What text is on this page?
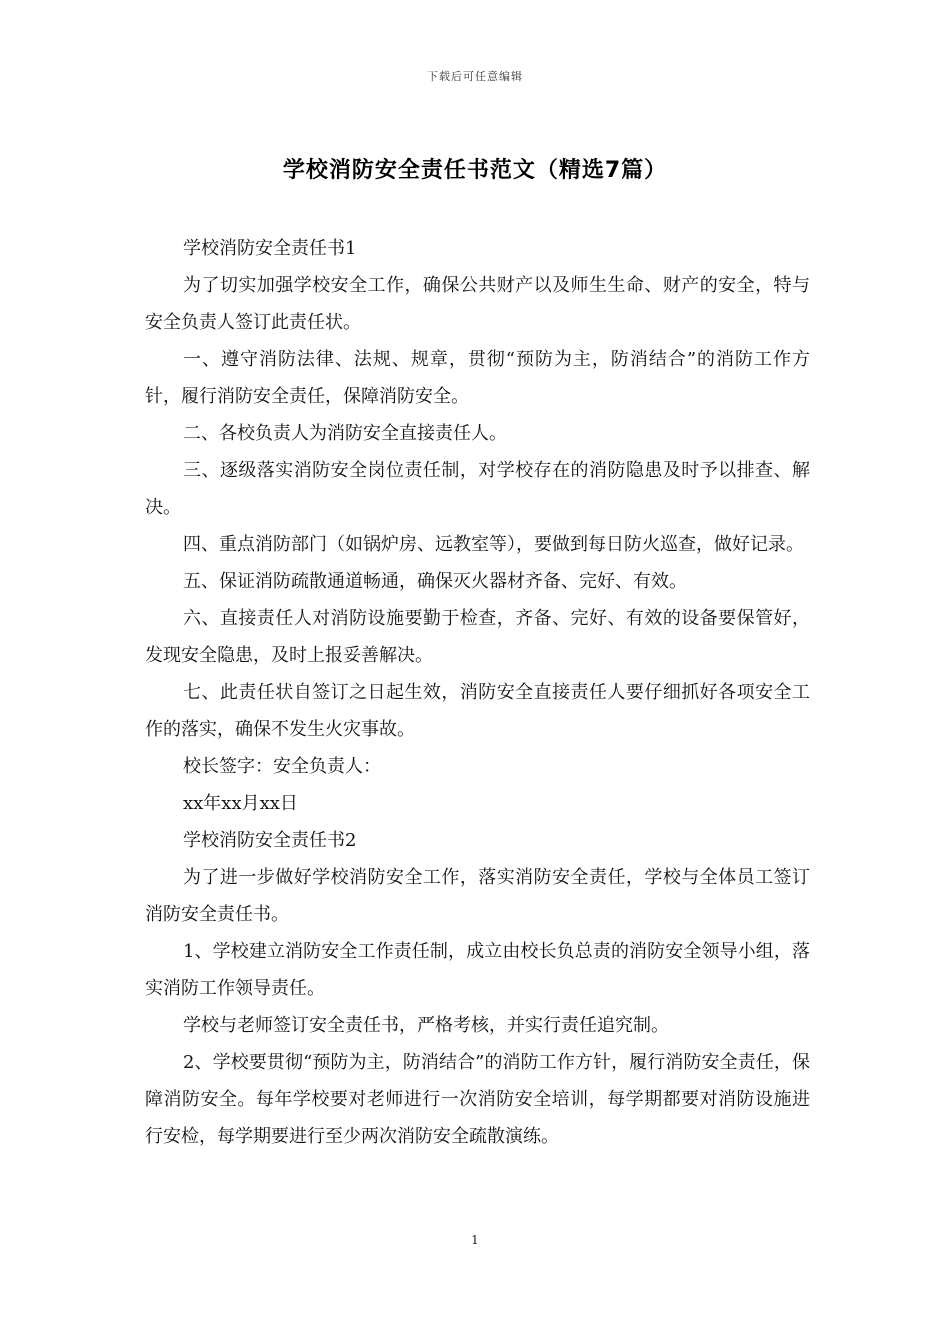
下载后可任意编辑
学校消防安全责任书范文（精选7篇）

学校消防安全责任书1

为了切实加强学校安全工作，确保公共财产以及师生生命、财产的安全，特与安全负责人签订此责任状。

一、遵守消防法律、法规、规章，贯彻“预防为主，防消结合”的消防工作方针，履行消防安全责任，保障消防安全。

二、各校负责人为消防安全直接责任人。

三、逐级落实消防安全岗位责任制，对学校存在的消防隐患及时予以排查、解决。

四、重点消防部门（如锅炉房、远教室等），要做到每日防火巡查，做好记录。

五、保证消防疏散通道畅通，确保灭火器材齐备、完好、有效。

六、直接责任人对消防设施要勤于检查，齐备、完好、有效的设备要保管好，发现安全隐患，及时上报妥善解决。

七、此责任状自签订之日起生效，消防安全直接责任人要仔细抓好各项安全工作的落实，确保不发生火灾事故。

校长签字：安全负责人：

xx年xx月xx日

学校消防安全责任书2

为了进一步做好学校消防安全工作，落实消防安全责任，学校与全体员工签订消防安全责任书。

1、学校建立消防安全工作责任制，成立由校长负总责的消防安全领导小组，落实消防工作领导责任。

学校与老师签订安全责任书，严格考核，并实行责任追究制。

2、学校要贯彻“预防为主，防消结合”的消防工作方针，履行消防安全责任，保障消防安全。每年学校要对老师进行一次消防安全培训，每学期都要对消防设施进行安检，每学期要进行至少两次消防安全疏散演练。

1
